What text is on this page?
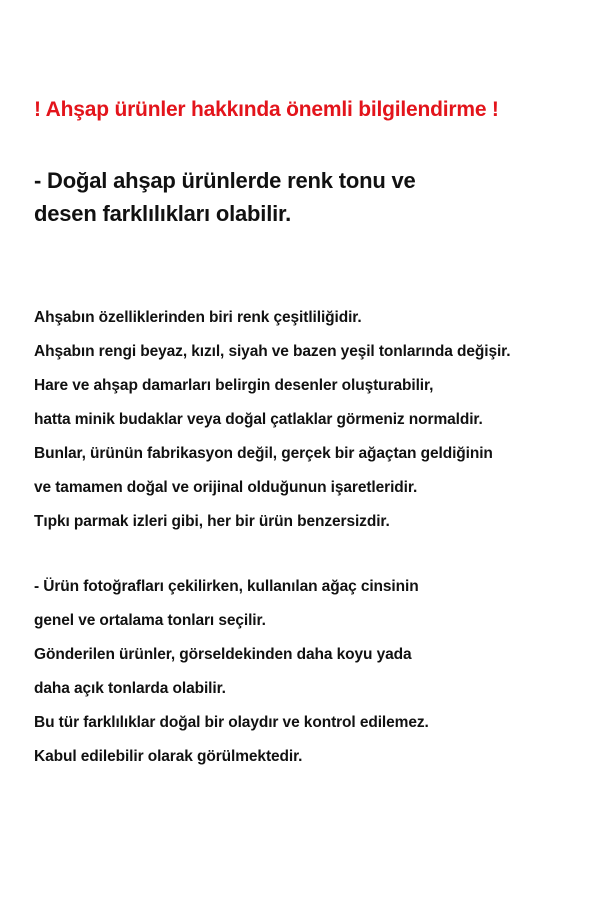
! Ahşap ürünler hakkında önemli bilgilendirme !
- Doğal ahşap ürünlerde renk tonu ve
desen farklılıkları olabilir.
Ahşabın özelliklerinden biri renk çeşitliliğidir.
Ahşabın rengi beyaz, kızıl, siyah ve bazen yeşil tonlarında değişir.
Hare ve ahşap damarları belirgin desenler oluşturabilir,
hatta minik budaklar veya doğal çatlaklar görmeniz normaldir.
Bunlar, ürünün fabrikasyon değil, gerçek bir ağaçtan geldiğinin
ve tamamen doğal ve orijinal olduğunun işaretleridir.
Tıpkı parmak izleri gibi, her bir ürün benzersizdir.
- Ürün fotoğrafları çekilirken, kullanılan ağaç cinsinin
genel ve ortalama tonları seçilir.
Gönderilen ürünler, görseldekinden daha koyu yada
daha açık tonlarda olabilir.
Bu tür farklılıklar doğal bir olaydır ve kontrol edilemez.
Kabul edilebilir olarak görülmektedir.
